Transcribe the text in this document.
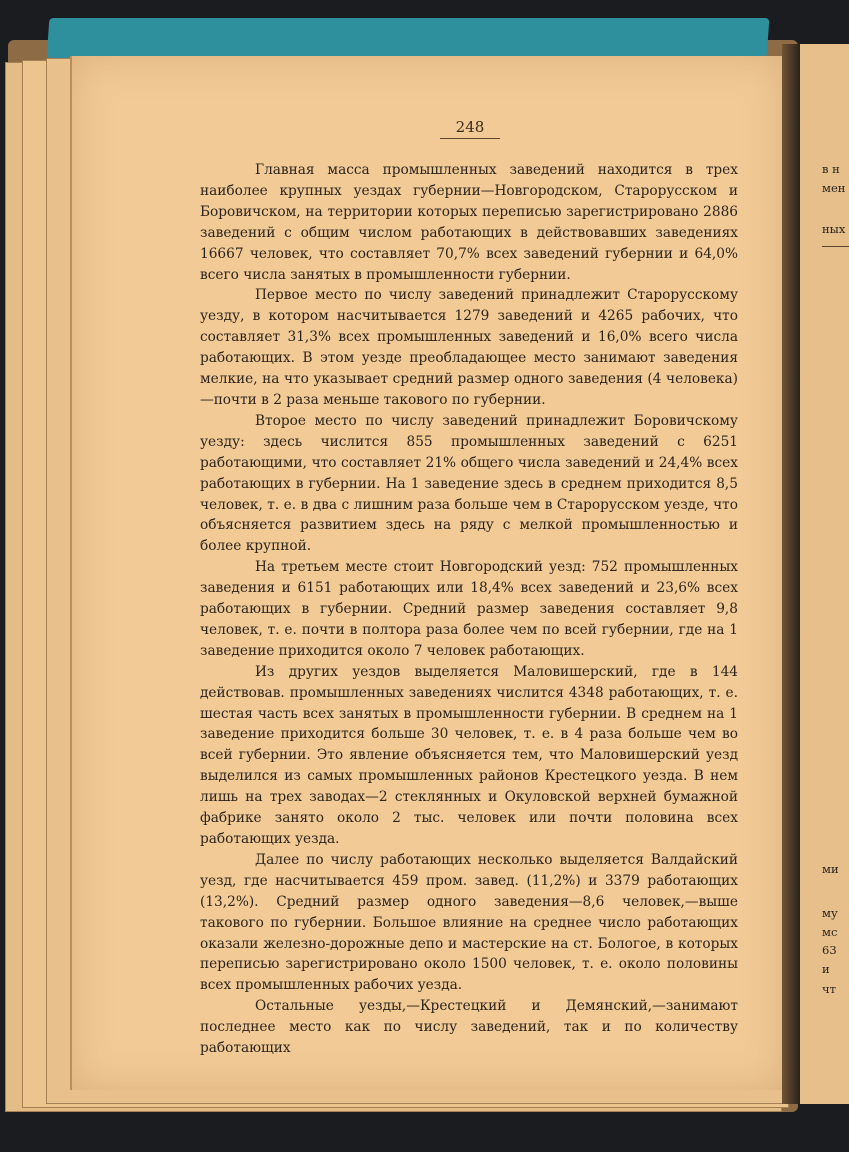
248

Главная масса промышленных заведений находится в трех наиболее крупных уездах губернии—Новгородском, Старорусском и Боровичском, на территории которых переписью зарегистрировано 2886 заведений с общим числом работающих в действовавших заведениях 16667 человек, что составляет 70,7% всех заведений губернии и 64,0% всего числа занятых в промышленности губернии.

Первое место по числу заведений принадлежит Старорусскому уезду, в котором насчитывается 1279 заведений и 4265 рабочих, что составляет 31,3% всех промышленных заведений и 16,0% всего числа работающих. В этом уезде преобладающее место занимают заведения мелкие, на что указывает средний размер одного заведения (4 человека)—почти в 2 раза меньше такового по губернии.

Второе место по числу заведений принадлежит Боровичскому уезду: здесь числится 855 промышленных заведений с 6251 работающими, что составляет 21% общего числа заведений и 24,4% всех работающих в губернии. На 1 заведение здесь в среднем приходится 8,5 человек, т. е. в два с лишним раза больше чем в Старорусском уезде, что объясняется развитием здесь на ряду с мелкой промышленностью и более крупной.

На третьем месте стоит Новгородский уезд: 752 промышленных заведения и 6151 работающих или 18,4% всех заведений и 23,6% всех работающих в губернии. Средний размер заведения составляет 9,8 человек, т. е. почти в полтора раза более чем по всей губернии, где на 1 заведение приходится около 7 человек работающих.

Из других уездов выделяется Маловишерский, где в 144 действовав. промышленных заведениях числится 4348 работающих, т. е. шестая часть всех занятых в промышленности губернии. В среднем на 1 заведение приходится больше 30 человек, т. е. в 4 раза больше чем во всей губернии. Это явление объясняется тем, что Маловишерский уезд выделился из самых промышленных районов Крестецкого уезда. В нем лишь на трех заводах—2 стеклянных и Окуловской верхней бумажной фабрике занято около 2 тыс. человек или почти половина всех работающих уезда.

Далее по числу работающих несколько выделяется Валдайский уезд, где насчитывается 459 пром. завед. (11,2%) и 3379 работающих (13,2%). Средний размер одного заведения—8,6 человек,—выше такового по губернии. Большое влияние на среднее число работающих оказали железно-дорожные депо и мастерские на ст. Бологое, в которых переписью зарегистрировано около 1500 человек, т. е. около половины всех промышленных рабочих уезда.

Остальные уезды,—Крестецкий и Демянский,—занимают последнее место как по числу заведений, так и по количеству работающих

в н
мен
ных
ми
му
мс
63
и
чт
